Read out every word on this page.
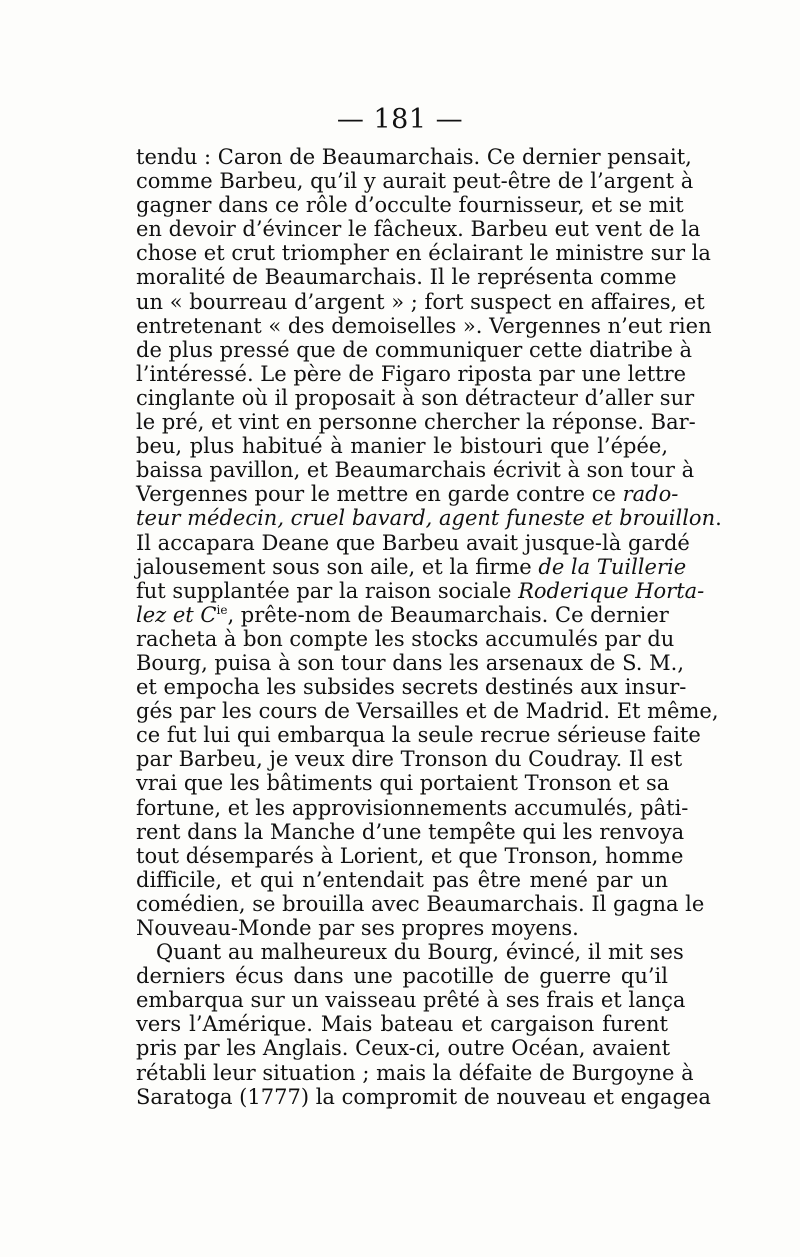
— 181 —
tendu : Caron de Beaumarchais. Ce dernier pensait,
comme Barbeu, qu’il y aurait peut-être de l’argent à
gagner dans ce rôle d’occulte fournisseur, et se mit
en devoir d’évincer le fâcheux. Barbeu eut vent de la
chose et crut triompher en éclairant le ministre sur la
moralité de Beaumarchais. Il le représenta comme
un « bourreau d’argent » ; fort suspect en affaires, et
entretenant « des demoiselles ». Vergennes n’eut rien
de plus pressé que de communiquer cette diatribe à
l’intéressé. Le père de Figaro riposta par une lettre
cinglante où il proposait à son détracteur d’aller sur
le pré, et vint en personne chercher la réponse. Bar-
beu, plus habitué à manier le bistouri que l’épée,
baissa pavillon, et Beaumarchais écrivit à son tour à
Vergennes pour le mettre en garde contre ce rado-
teur médecin, cruel bavard, agent funeste et brouillon.
Il accapara Deane que Barbeu avait jusque-là gardé
jalousement sous son aile, et la firme de la Tuillerie
fut supplantée par la raison sociale Roderique Horta-
lez et $C^{ie}$, prête-nom de Beaumarchais. Ce dernier
racheta à bon compte les stocks accumulés par du
Bourg, puisa à son tour dans les arsenaux de S. M.,
et empocha les subsides secrets destinés aux insur-
gés par les cours de Versailles et de Madrid. Et même,
ce fut lui qui embarqua la seule recrue sérieuse faite
par Barbeu, je veux dire Tronson du Coudray. Il est
vrai que les bâtiments qui portaient Tronson et sa
fortune, et les approvisionnements accumulés, pâti-
rent dans la Manche d’une tempête qui les renvoya
tout désemparés à Lorient, et que Tronson, homme
difficile, et qui n’entendait pas être mené par un
comédien, se brouilla avec Beaumarchais. Il gagna le
Nouveau-Monde par ses propres moyens.
Quant au malheureux du Bourg, évincé, il mit ses
derniers écus dans une pacotille de guerre qu’il
embarqua sur un vaisseau prêté à ses frais et lança
vers l’Amérique. Mais bateau et cargaison furent
pris par les Anglais. Ceux-ci, outre Océan, avaient
rétabli leur situation ; mais la défaite de Burgoyne à
Saratoga (1777) la compromit de nouveau et engagea
